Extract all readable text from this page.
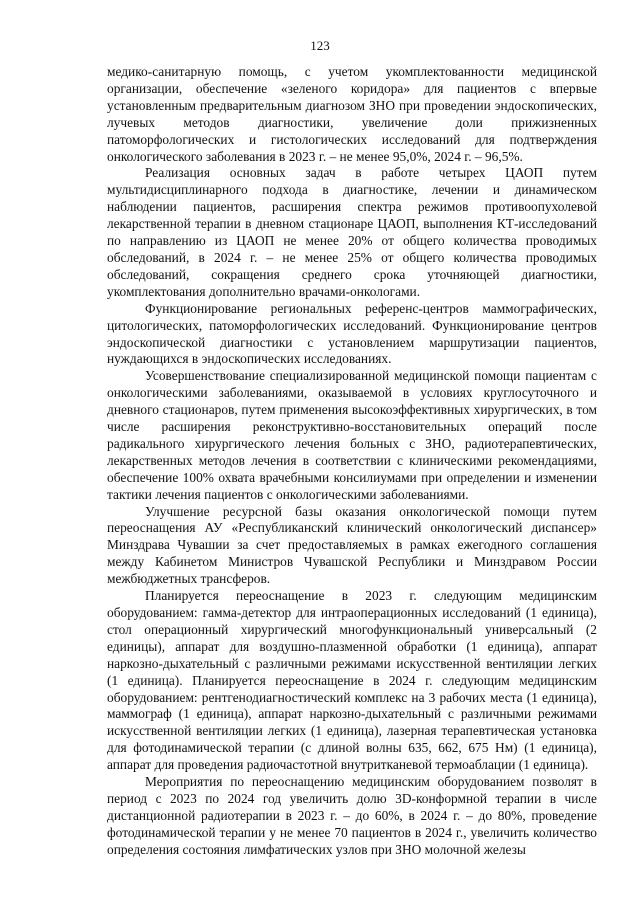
123

медико-санитарную помощь, с учетом укомплектованности медицинской организации, обеспечение «зеленого коридора» для пациентов с впервые установленным предварительным диагнозом ЗНО при проведении эндоскопических, лучевых методов диагностики, увеличение доли прижизненных патоморфологических и гистологических исследований для подтверждения онкологического заболевания в 2023 г. – не менее 95,0%, 2024 г. – 96,5%.

Реализация основных задач в работе четырех ЦАОП путем мультидисциплинарного подхода в диагностике, лечении и динамическом наблюдении пациентов, расширения спектра режимов противоопухолевой лекарственной терапии в дневном стационаре ЦАОП, выполнения КТ-исследований по направлению из ЦАОП не менее 20% от общего количества проводимых обследований, в 2024 г. – не менее 25% от общего количества проводимых обследований, сокращения среднего срока уточняющей диагностики, укомплектования дополнительно врачами-онкологами.

Функционирование региональных референс-центров маммографических, цитологических, патоморфологических исследований. Функционирование центров эндоскопической диагностики с установлением маршрутизации пациентов, нуждающихся в эндоскопических исследованиях.

Усовершенствование специализированной медицинской помощи пациентам с онкологическими заболеваниями, оказываемой в условиях круглосуточного и дневного стационаров, путем применения высокоэффективных хирургических, в том числе расширения реконструктивно-восстановительных операций после радикального хирургического лечения больных с ЗНО, радиотерапевтических, лекарственных методов лечения в соответствии с клиническими рекомендациями, обеспечение 100% охвата врачебными консилиумами при определении и изменении тактики лечения пациентов с онкологическими заболеваниями.

Улучшение ресурсной базы оказания онкологической помощи путем переоснащения АУ «Республиканский клинический онкологический диспансер» Минздрава Чувашии за счет предоставляемых в рамках ежегодного соглашения между Кабинетом Министров Чувашской Республики и Минздравом России межбюджетных трансферов.

Планируется переоснащение в 2023 г. следующим медицинским оборудованием: гамма-детектор для интраоперационных исследований (1 единица), стол операционный хирургический многофункциональный универсальный (2 единицы), аппарат для воздушно-плазменной обработки (1 единица), аппарат наркозно-дыхательный с различными режимами искусственной вентиляции легких (1 единица). Планируется переоснащение в 2024 г. следующим медицинским оборудованием: рентгенодиагностический комплекс на 3 рабочих места (1 единица), маммограф (1 единица), аппарат наркозно-дыхательный с различными режимами искусственной вентиляции легких (1 единица), лазерная терапевтическая установка для фотодинамической терапии (с длиной волны 635, 662, 675 Нм) (1 единица), аппарат для проведения радиочастотной внутритканевой термоаблации (1 единица).

Мероприятия по переоснащению медицинским оборудованием позволят в период с 2023 по 2024 год увеличить долю 3D-конформной терапии в числе дистанционной радиотерапии в 2023 г. – до 60%, в 2024 г. – до 80%, проведение фотодинамической терапии у не менее 70 пациентов в 2024 г., увеличить количество определения состояния лимфатических узлов при ЗНО молочной железы
